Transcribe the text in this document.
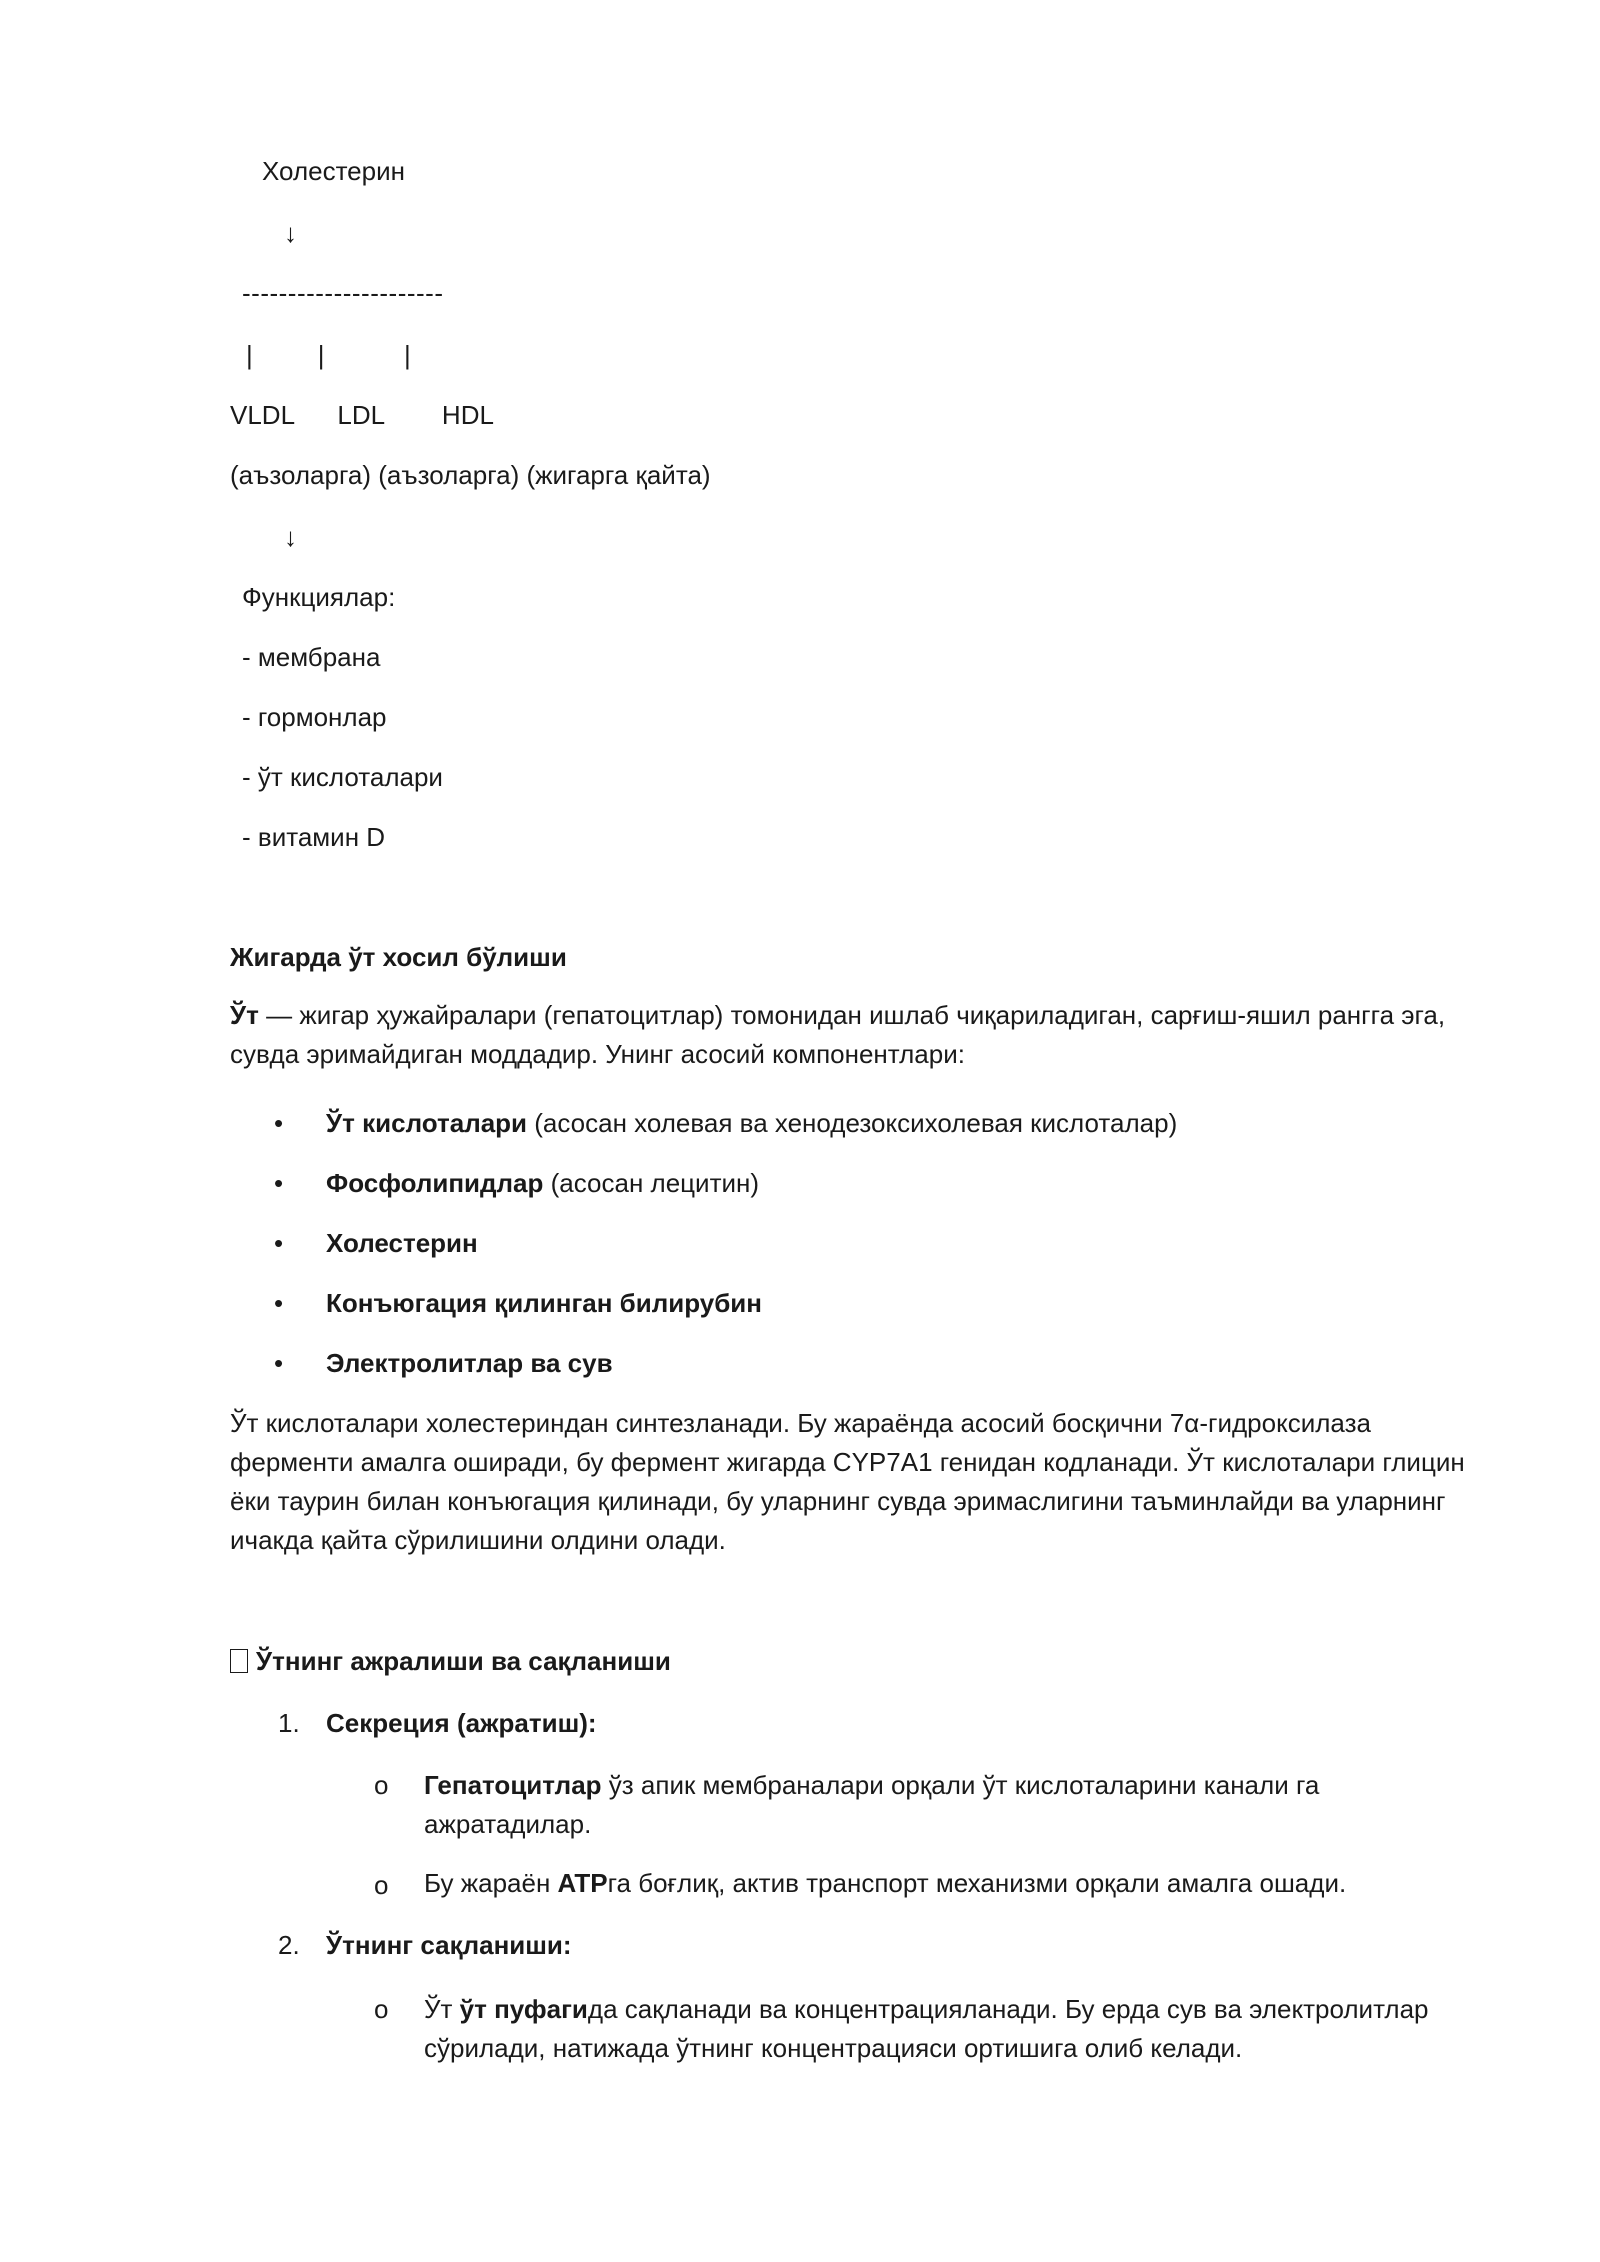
Холестерин
↓
----------------------
|         |           |
VLDL      LDL        HDL
(аъзоларга) (аъзоларга) (жигарга қайта)
↓
Функциялар:
- мембрана
- гормонлар
- ўт кислоталари
- витамин D
Жигарда ўт хосил бўлиши
Ўт — жигар ҳужайралари (гепатоцитлар) томонидан ишлаб чиқариладиган, сарғиш-яшил рангга эга, сувда эримайдиган моддадир. Унинг асосий компонентлари:
• Ўт кислоталари (асосан холевая ва хенодезоксихолевая кислоталар)
• Фосфолипидлар (асосан лецитин)
• Холестерин
• Конъюгация қилинган билирубин
• Электролитлар ва сув
Ўт кислоталари холестериндан синтезланади. Бу жараёнда асосий босқични 7α-гидроксилаза ферменти амалга оширади, бу фермент жигарда CYP7A1 генидан кодланади. Ўт кислоталари глицин ёки таурин билан конъюгация қилинади, бу уларнинг сувда эримаслигини таъминлайди ва уларнинг ичакда қайта сўрилишини олдини олади.
Ўтнинг ажралиши ва сақланиши
1. Секреция (ажратиш):
o Гепатоцитлар ўз апик мембраналари орқали ўт кислоталарини канали га ажратадилар.
o Бу жараён ATPга боғлиқ, актив транспорт механизми орқали амалга ошади.
2. Ўтнинг сақланиши:
o Ўт ўт пуфагида сақланади ва концентрацияланади. Бу ерда сув ва электролитлар сўрилади, натижада ўтнинг концентрацияси ортишига олиб келади.
